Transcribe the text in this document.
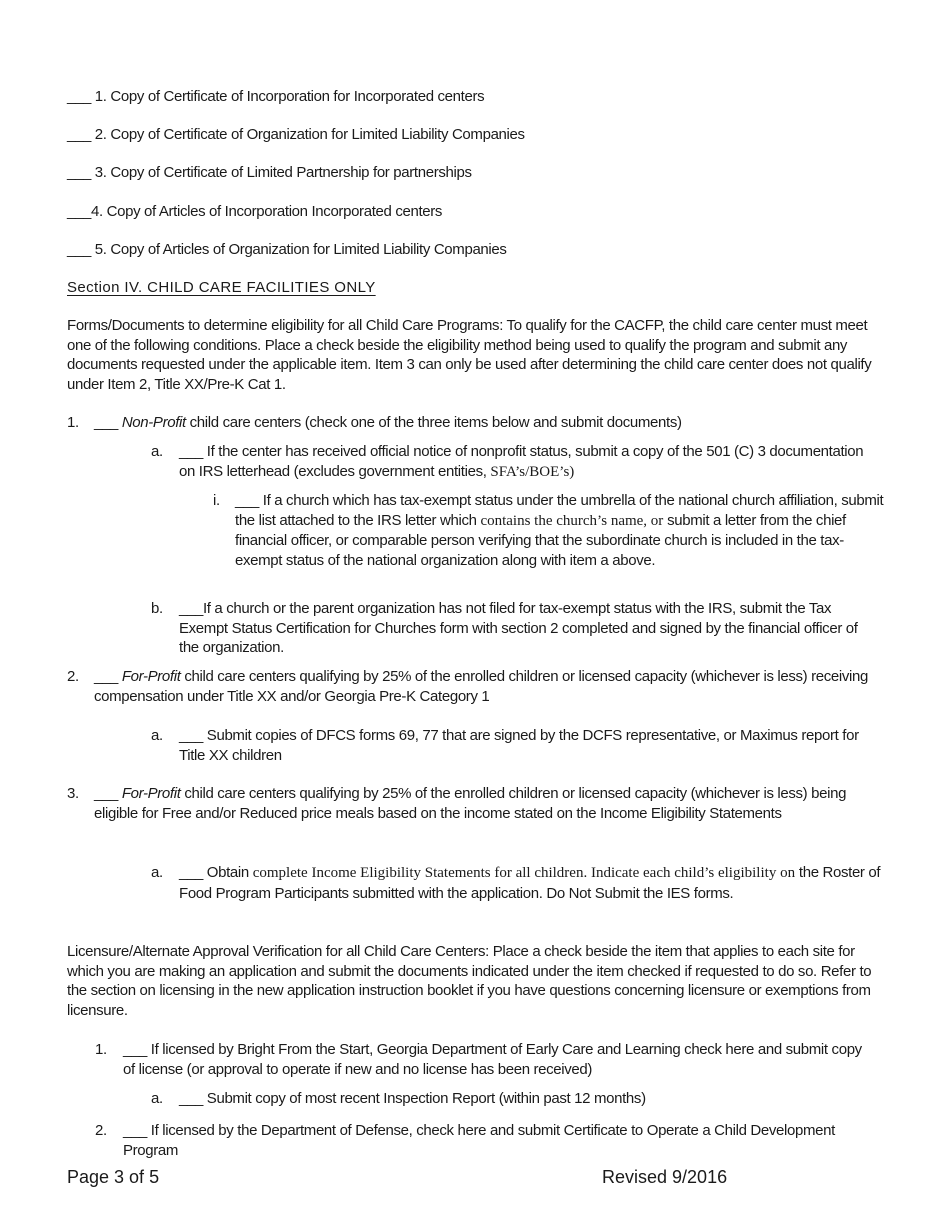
___ 1. Copy of Certificate of Incorporation for Incorporated centers
___ 2. Copy of Certificate of Organization for Limited Liability Companies
___ 3. Copy of Certificate of Limited Partnership for partnerships
___4. Copy of Articles of Incorporation Incorporated centers
___ 5. Copy of Articles of Organization for Limited Liability Companies
Section IV. CHILD CARE FACILITIES ONLY
Forms/Documents to determine eligibility for all Child Care Programs: To qualify for the CACFP, the child care center must meet one of the following conditions. Place a check beside the eligibility method being used to qualify the program and submit any documents requested under the applicable item. Item 3 can only be used after determining the child care center does not qualify under Item 2, Title XX/Pre-K Cat 1.
1. ___ Non-Profit child care centers (check one of the three items below and submit documents)
a. ___ If the center has received official notice of nonprofit status, submit a copy of the 501 (C) 3 documentation on IRS letterhead (excludes government entities, SFA’s/BOE’s)
i. ___ If a church which has tax-exempt status under the umbrella of the national church affiliation, submit the list attached to the IRS letter which contains the church’s name, or submit a letter from the chief financial officer, or comparable person verifying that the subordinate church is included in the tax-exempt status of the national organization along with item a above.
b. ___If a church or the parent organization has not filed for tax-exempt status with the IRS, submit the Tax Exempt Status Certification for Churches form with section 2 completed and signed by the financial officer of the organization.
2. ___ For-Profit child care centers qualifying by 25% of the enrolled children or licensed capacity (whichever is less) receiving compensation under Title XX and/or Georgia Pre-K Category 1
a. ___ Submit copies of DFCS forms 69, 77 that are signed by the DCFS representative, or Maximus report for Title XX children
3. ___ For-Profit child care centers qualifying by 25% of the enrolled children or licensed capacity (whichever is less) being eligible for Free and/or Reduced price meals based on the income stated on the Income Eligibility Statements
a. ___ Obtain complete Income Eligibility Statements for all children. Indicate each child’s eligibility on the Roster of Food Program Participants submitted with the application. Do Not Submit the IES forms.
Licensure/Alternate Approval Verification for all Child Care Centers: Place a check beside the item that applies to each site for which you are making an application and submit the documents indicated under the item checked if requested to do so. Refer to the section on licensing in the new application instruction booklet if you have questions concerning licensure or exemptions from licensure.
1. ___ If licensed by Bright From the Start, Georgia Department of Early Care and Learning check here and submit copy of license (or approval to operate if new and no license has been received)
a. ___ Submit copy of most recent Inspection Report (within past 12 months)
2. ___ If licensed by the Department of Defense, check here and submit Certificate to Operate a Child Development Program
Page 3 of 5	Revised 9/2016
